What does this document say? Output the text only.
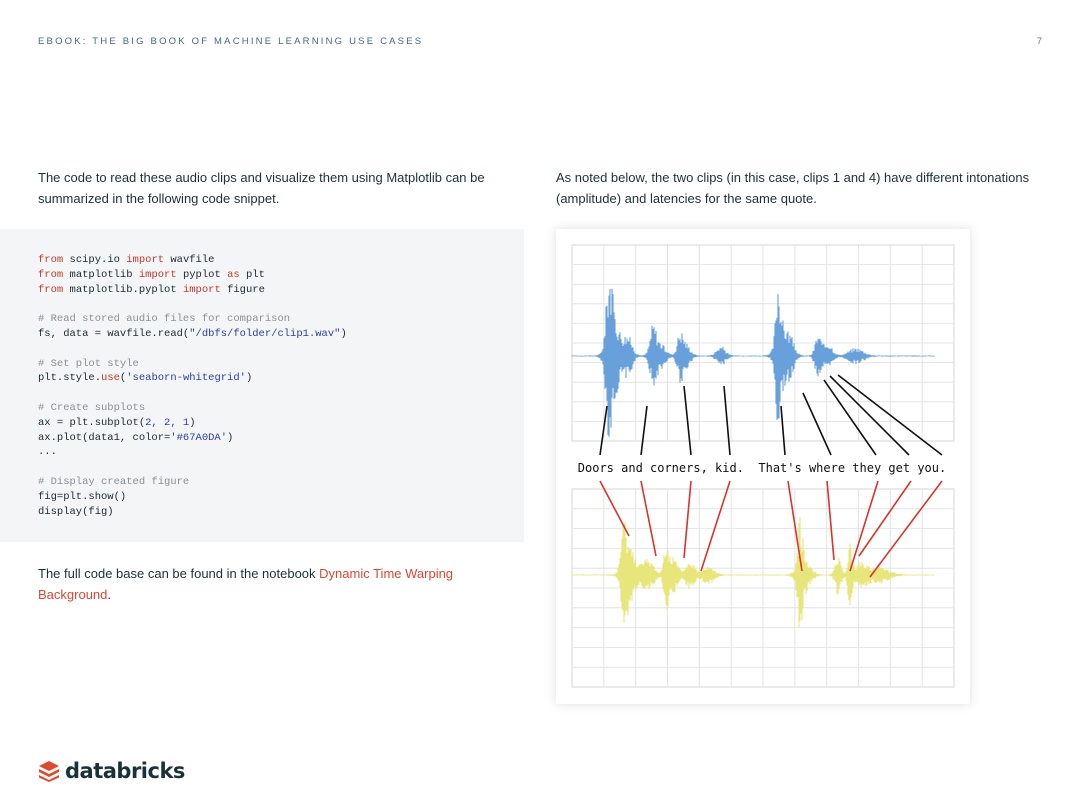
EBOOK: THE BIG BOOK OF MACHINE LEARNING USE CASES	7

The code to read these audio clips and visualize them using Matplotlib can be

summarized in the following code snippet.

from scipy.io import wavfile
from matplotlib import pyplot as plt
from matplotlib.pyplot import figure

# Read stored audio files for comparison
fs, data = wavfile.read("/dbfs/folder/clip1.wav")

# Set plot style
plt.style.use('seaborn-whitegrid')

# Create subplots
ax = plt.subplot(2, 2, 1)
ax.plot(data1, color='#67A0DA')
...

# Display created figure
fig=plt.show()
display(fig)

The full code base can be found in the notebook Dynamic Time Warping

Background.

As noted below, the two clips (in this case, clips 1 and 4) have different intonations

(amplitude) and latencies for the same quote.

Doors and corners, kid.  That's where they get you.
databricks
